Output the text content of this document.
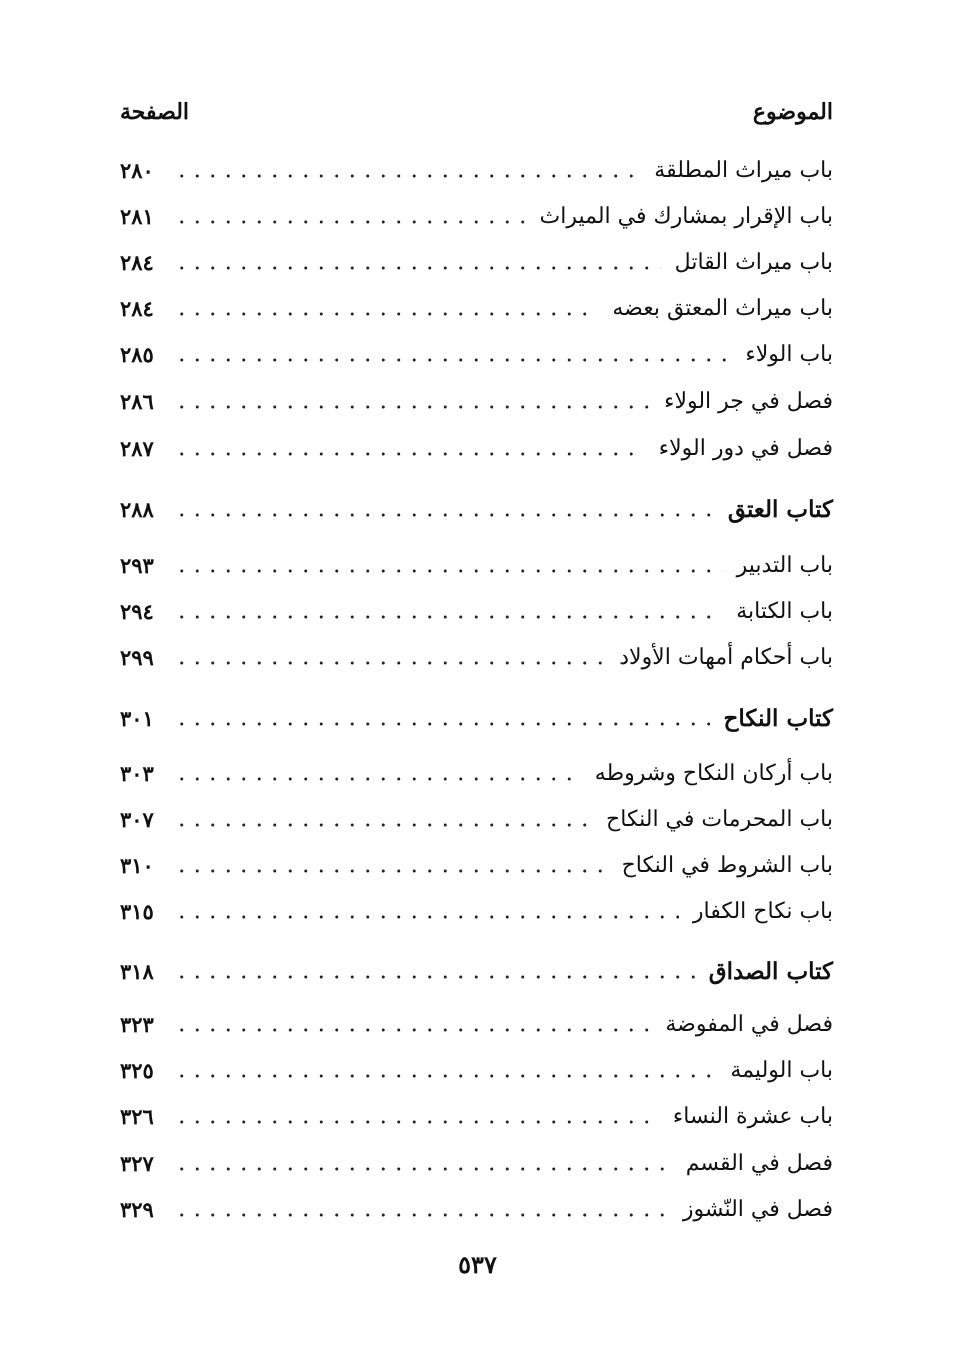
الموضوع
الصفحة
باب ميراث المطلقة
٢٨٠
باب الإقرار بمشارك في الميراث
٢٨١
باب ميراث القاتل
٢٨٤
باب ميراث المعتق بعضه
٢٨٤
باب الولاء
٢٨٥
فصل في جر الولاء
٢٨٦
فصل في دور الولاء
٢٨٧
كتاب العتق
٢٨٨
باب التدبير
٢٩٣
باب الكتابة
٢٩٤
باب أحكام أمهات الأولاد
٢٩٩
كتاب النكاح
٣٠١
باب أركان النكاح وشروطه
٣٠٣
باب المحرمات في النكاح
٣٠٧
باب الشروط في النكاح
٣١٠
باب نكاح الكفار
٣١٥
كتاب الصداق
٣١٨
فصل في المفوضة
٣٢٣
باب الوليمة
٣٢٥
باب عشرة النساء
٣٢٦
فصل في القسم
٣٢٧
فصل في النّشوز
٣٢٩
٥٣٧
